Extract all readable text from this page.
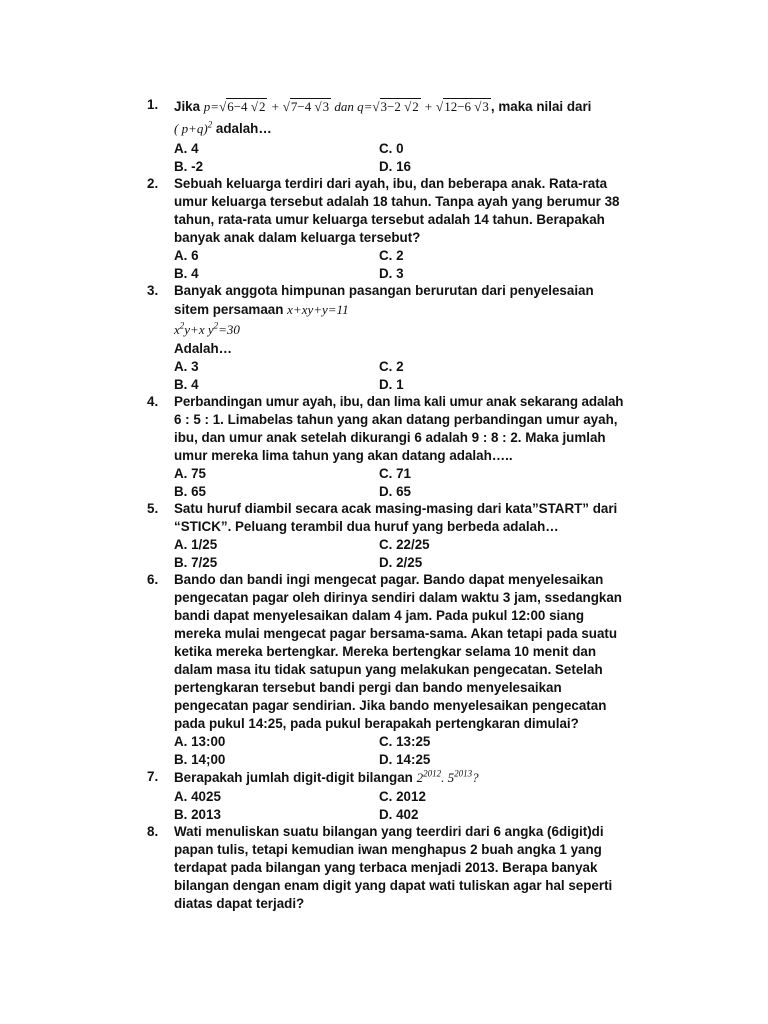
1. Jika p=√6−4 √2 + √7−4 √3 dan q=√3−2 √2 + √12−6 √3 , maka nilai dari
( p+q)$^2$ adalah…
A. 4	C. 0
B. -2	D. 16
2. Sebuah keluarga terdiri dari ayah, ibu, dan beberapa anak. Rata-rata
umur keluarga tersebut adalah 18 tahun. Tanpa ayah yang berumur 38
tahun, rata-rata umur keluarga tersebut adalah 14 tahun. Berapakah
banyak anak dalam keluarga tersebut?
A. 6	C. 2
B. 4	D. 3
3. Banyak anggota himpunan pasangan berurutan dari penyelesaian
sitem persamaan x+xy+y=11
$x^2y+x$ $y^2=30$
Adalah…
A. 3	C. 2
B. 4	D. 1
4. Perbandingan umur ayah, ibu, dan lima kali umur anak sekarang adalah
6 : 5 : 1. Limabelas tahun yang akan datang perbandingan umur ayah,
ibu, dan umur anak setelah dikurangi 6 adalah 9 : 8 : 2. Maka jumlah
umur mereka lima tahun yang akan datang adalah…..
A. 75	C. 71
B. 65	D. 65
5. Satu huruf diambil secara acak masing-masing dari kata”START” dari
“STICK”. Peluang terambil dua huruf yang berbeda adalah…
A. 1/25	C. 22/25
B. 7/25	D. 2/25
6. Bando dan bandi ingi mengecat pagar. Bando dapat menyelesaikan
pengecatan pagar oleh dirinya sendiri dalam waktu 3 jam, ssedangkan
bandi dapat menyelesaikan dalam 4 jam. Pada pukul 12:00 siang
mereka mulai mengecat pagar bersama-sama. Akan tetapi pada suatu
ketika mereka bertengkar. Mereka bertengkar selama 10 menit dan
dalam masa itu tidak satupun yang melakukan pengecatan. Setelah
pertengkaran tersebut bandi pergi dan bando menyelesaikan
pengecatan pagar sendirian. Jika bando menyelesaikan pengecatan
pada pukul 14:25, pada pukul berapakah pertengkaran dimulai?
A. 13:00	C. 13:25
B. 14;00	D. 14:25
7. Berapakah jumlah digit-digit bilangan $2^{2012}$. $5^{2013}$?
A. 4025	C. 2012
B. 2013	D. 402
8. Wati menuliskan suatu bilangan yang teerdiri dari 6 angka (6digit)di
papan tulis, tetapi kemudian iwan menghapus 2 buah angka 1 yang
terdapat pada bilangan yang terbaca menjadi 2013. Berapa banyak
bilangan dengan enam digit yang dapat wati tuliskan agar hal seperti
diatas dapat terjadi?
